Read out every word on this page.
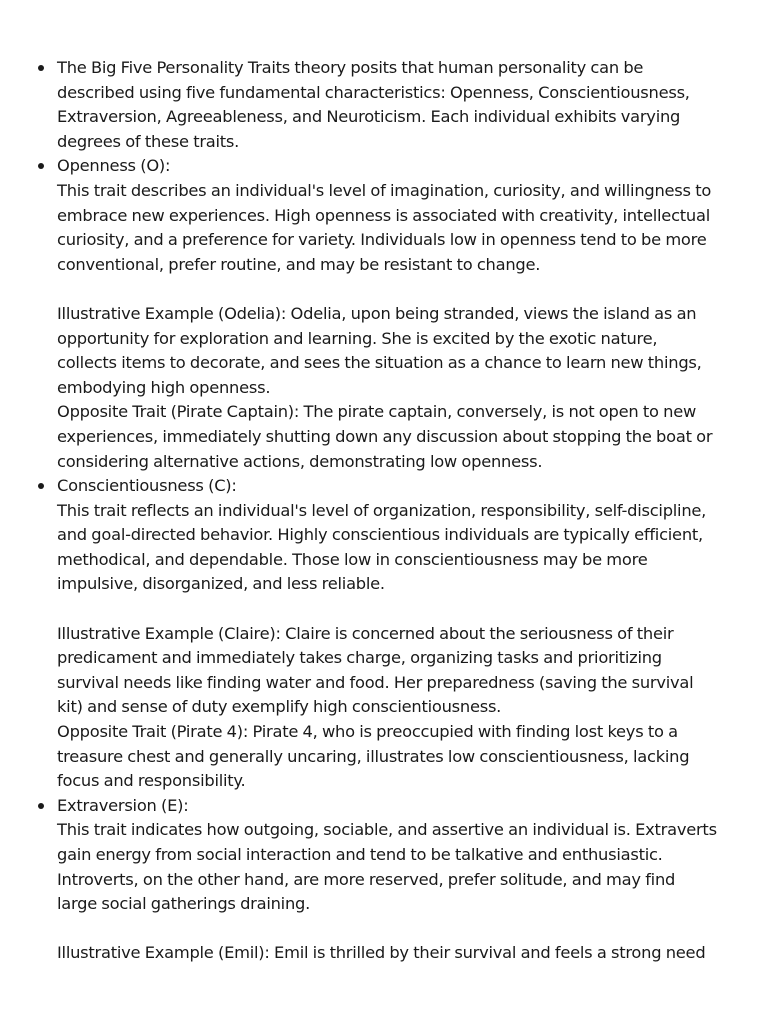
The Big Five Personality Traits theory posits that human personality can be
described using five fundamental characteristics: Openness, Conscientiousness,
Extraversion, Agreeableness, and Neuroticism. Each individual exhibits varying
degrees of these traits.
Openness (O):
This trait describes an individual's level of imagination, curiosity, and willingness to
embrace new experiences. High openness is associated with creativity, intellectual
curiosity, and a preference for variety. Individuals low in openness tend to be more
conventional, prefer routine, and may be resistant to change.
Illustrative Example (Odelia): Odelia, upon being stranded, views the island as an
opportunity for exploration and learning. She is excited by the exotic nature,
collects items to decorate, and sees the situation as a chance to learn new things,
embodying high openness.
Opposite Trait (Pirate Captain): The pirate captain, conversely, is not open to new
experiences, immediately shutting down any discussion about stopping the boat or
considering alternative actions, demonstrating low openness.
Conscientiousness (C):
This trait reflects an individual's level of organization, responsibility, self-discipline,
and goal-directed behavior. Highly conscientious individuals are typically efficient,
methodical, and dependable. Those low in conscientiousness may be more
impulsive, disorganized, and less reliable.
Illustrative Example (Claire): Claire is concerned about the seriousness of their
predicament and immediately takes charge, organizing tasks and prioritizing
survival needs like finding water and food. Her preparedness (saving the survival
kit) and sense of duty exemplify high conscientiousness.
Opposite Trait (Pirate 4): Pirate 4, who is preoccupied with finding lost keys to a
treasure chest and generally uncaring, illustrates low conscientiousness, lacking
focus and responsibility.
Extraversion (E):
This trait indicates how outgoing, sociable, and assertive an individual is. Extraverts
gain energy from social interaction and tend to be talkative and enthusiastic.
Introverts, on the other hand, are more reserved, prefer solitude, and may find
large social gatherings draining.
Illustrative Example (Emil): Emil is thrilled by their survival and feels a strong need
